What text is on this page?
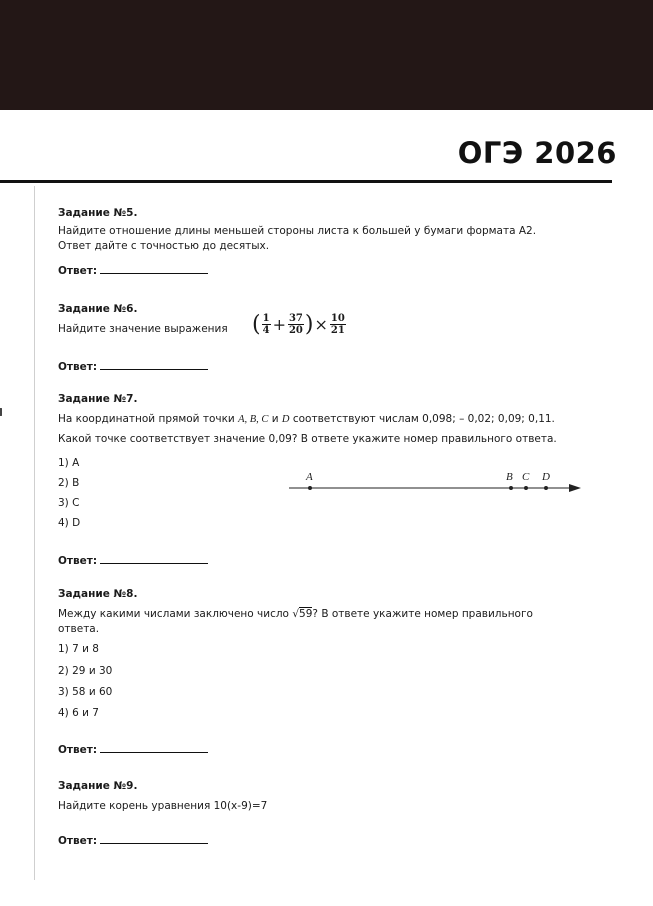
ОГЭ 2026

Задание №5.

Найдите отношение длины меньшей стороны листа к большей у бумаги формата А2.

Ответ дайте с точностью до десятых.

Ответ:

Задание №6.

Найдите значение выражения	( $\frac{1}{4} + \frac{37}{20}$ )× $\frac{10}{21}$
Ответ:

Задание №7.

На координатной прямой точки A, B, C и D соответствуют числам 0,098; – 0,02; 0,09; 0,11.

Какой точке соответствует значение 0,09? В ответе укажите номер правильного ответа.

1) A
2) B
3) C
4) D
A	B C D
Ответ:

Задание №8.

Между какими числами заключено число √59? В ответе укажите номер правильного

ответа.

1) 7 и 8
2) 29 и 30
3) 58 и 60
4) 6 и 7
Ответ:

Задание №9.

Найдите корень уравнения 10(x-9)=7

Ответ:
